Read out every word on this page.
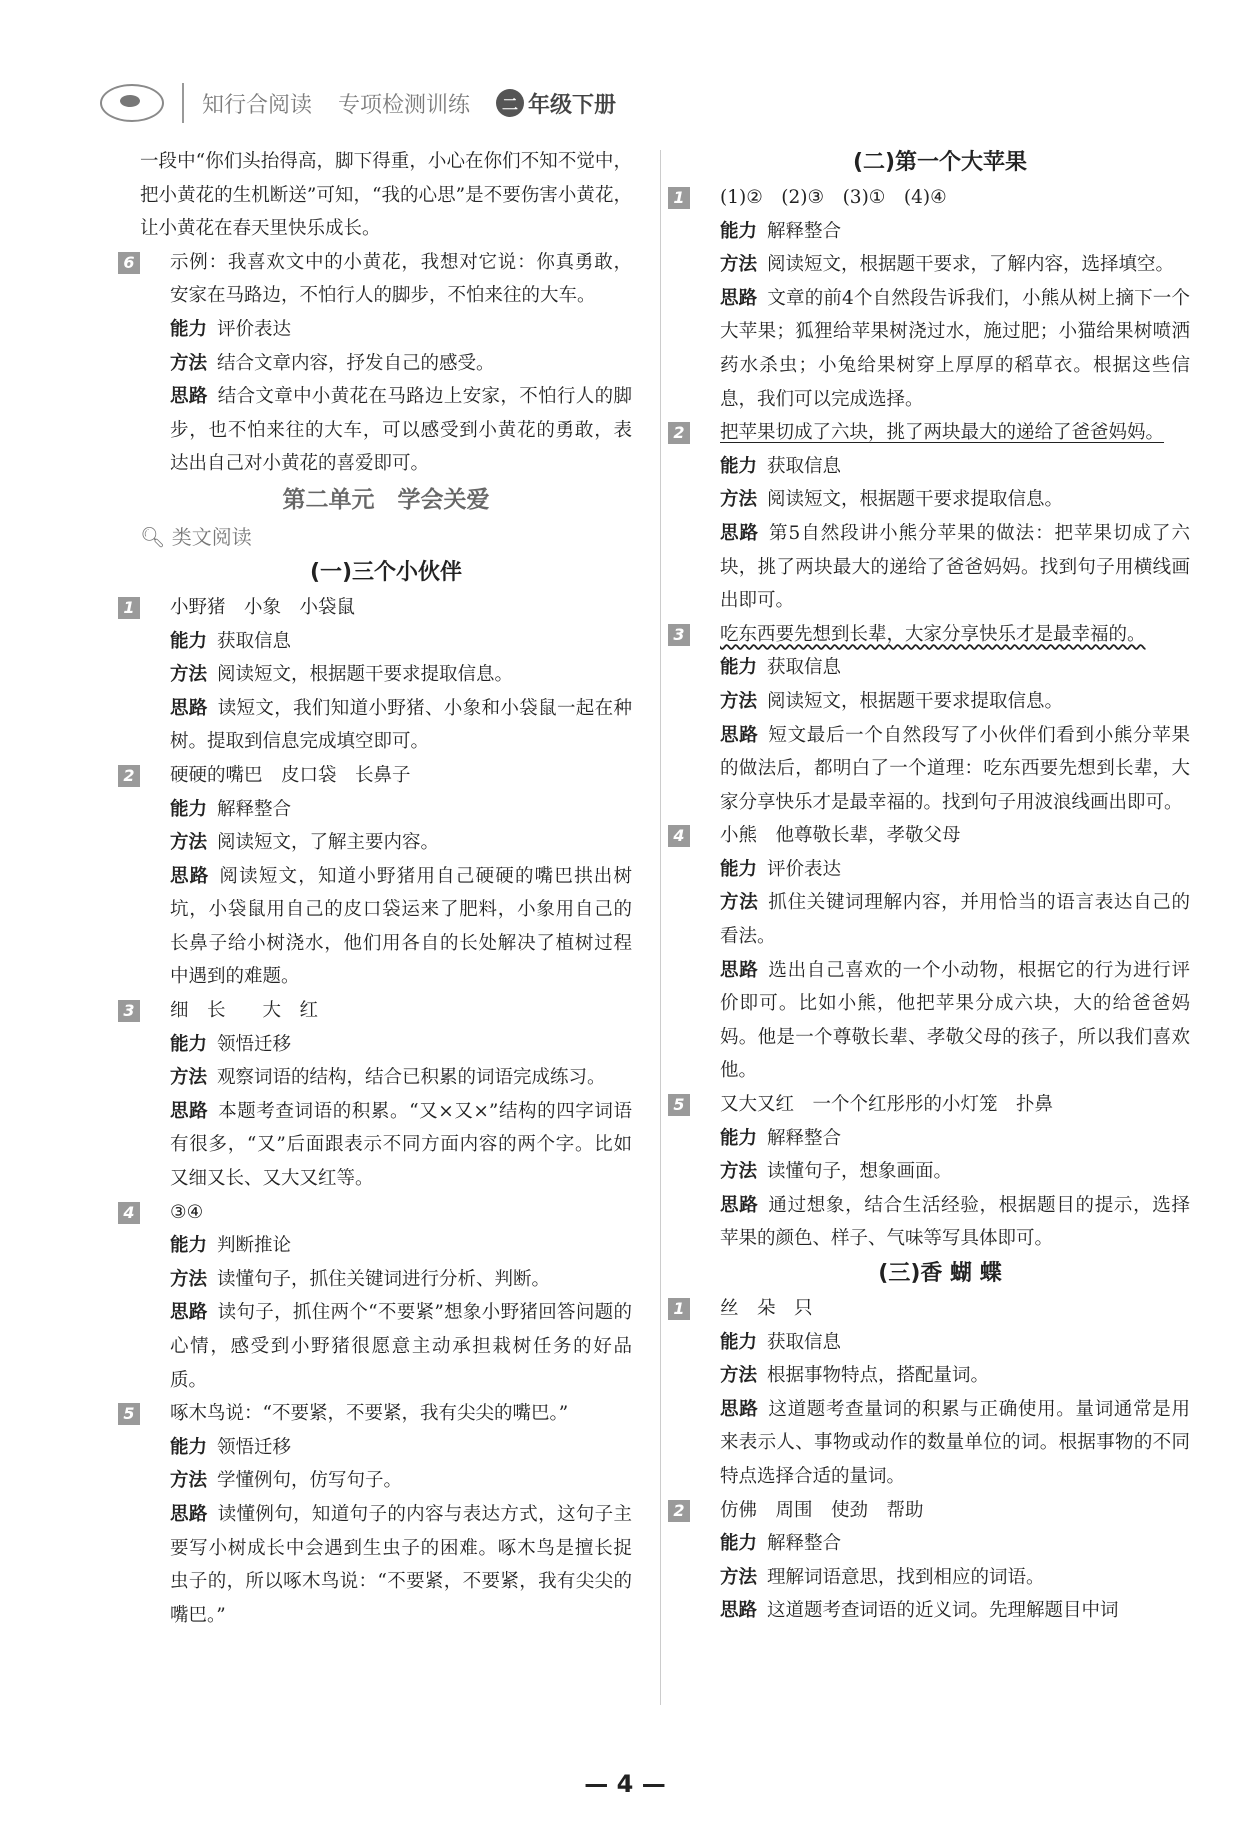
知行合阅读 专项检测训练	二 年级下册

一段中“你们头抬得高，脚下得重，小心在你们不知不觉中，把小黄花的生机断送”可知，“我的心思”是不要伤害小黄花，让小黄花在春天里快乐成长。

6	示例：我喜欢文中的小黄花，我想对它说：你真勇敢，安家在马路边，不怕行人的脚步，不怕来往的大车。

能力 评价表达

方法 结合文章内容，抒发自己的感受。

思路 结合文章中小黄花在马路边上安家，不怕行人的脚步，也不怕来往的大车，可以感受到小黄花的勇敢，表达出自己对小黄花的喜爱即可。

第二单元　学会关爱

🔍︎ 类文阅读

(一)三个小伙伴

1 小野猪　小象　小袋鼠

能力 获取信息

方法 阅读短文，根据题干要求提取信息。

思路 读短文，我们知道小野猪、小象和小袋鼠一起在种树。提取到信息完成填空即可。

2 硬硬的嘴巴　皮口袋　长鼻子

能力 解释整合

方法 阅读短文，了解主要内容。

思路 阅读短文，知道小野猪用自己硬硬的嘴巴拱出树坑，小袋鼠用自己的皮口袋运来了肥料，小象用自己的长鼻子给小树浇水，他们用各自的长处解决了植树过程中遇到的难题。

3 细　长　　大　红

能力 领悟迁移

方法 观察词语的结构，结合已积累的词语完成练习。

思路 本题考查词语的积累。“又×又×”结构的四字词语有很多，“又”后面跟表示不同方面内容的两个字。比如又细又长、又大又红等。

4 ③④

能力 判断推论

方法 读懂句子，抓住关键词进行分析、判断。

思路 读句子，抓住两个“不要紧”想象小野猪回答问题的心情，感受到小野猪很愿意主动承担栽树任务的好品质。

5 啄木鸟说：“不要紧，不要紧，我有尖尖的嘴巴。”

能力 领悟迁移

方法 学懂例句，仿写句子。

思路 读懂例句，知道句子的内容与表达方式，这句子主要写小树成长中会遇到生虫子的困难。啄木鸟是擅长捉虫子的，所以啄木鸟说：“不要紧，不要紧，我有尖尖的嘴巴。”

(二)第一个大苹果

1 (1)②　(2)③　(3)①　(4)④

能力 解释整合

方法 阅读短文，根据题干要求，了解内容，选择填空。

思路 文章的前4个自然段告诉我们，小熊从树上摘下一个大苹果；狐狸给苹果树浇过水，施过肥；小猫给果树喷洒药水杀虫；小兔给果树穿上厚厚的稻草衣。根据这些信息，我们可以完成选择。

2 把苹果切成了六块，挑了两块最大的递给了爸爸妈妈。

能力 获取信息

方法 阅读短文，根据题干要求提取信息。

思路 第5自然段讲小熊分苹果的做法：把苹果切成了六块，挑了两块最大的递给了爸爸妈妈。找到句子用横线画出即可。

3 吃东西要先想到长辈，大家分享快乐才是最幸福的。

能力 获取信息

方法 阅读短文，根据题干要求提取信息。

思路 短文最后一个自然段写了小伙伴们看到小熊分苹果的做法后，都明白了一个道理：吃东西要先想到长辈，大家分享快乐才是最幸福的。找到句子用波浪线画出即可。

4 小熊　他尊敬长辈，孝敬父母

能力 评价表达

方法 抓住关键词理解内容，并用恰当的语言表达自己的看法。

思路 选出自己喜欢的一个小动物，根据它的行为进行评价即可。比如小熊，他把苹果分成六块，大的给爸爸妈妈。他是一个尊敬长辈、孝敬父母的孩子，所以我们喜欢他。

5 又大又红　一个个红彤彤的小灯笼　扑鼻

能力 解释整合

方法 读懂句子，想象画面。

思路 通过想象，结合生活经验，根据题目的提示，选择苹果的颜色、样子、气味等写具体即可。

(三)香 蝴 蝶

1 丝　朵　只

能力 获取信息

方法 根据事物特点，搭配量词。

思路 这道题考查量词的积累与正确使用。量词通常是用来表示人、事物或动作的数量单位的词。根据事物的不同特点选择合适的量词。

2 仿佛　周围　使劲　帮助

能力 解释整合

方法 理解词语意思，找到相应的词语。

思路 这道题考查词语的近义词。先理解题目中词

— 4 —
